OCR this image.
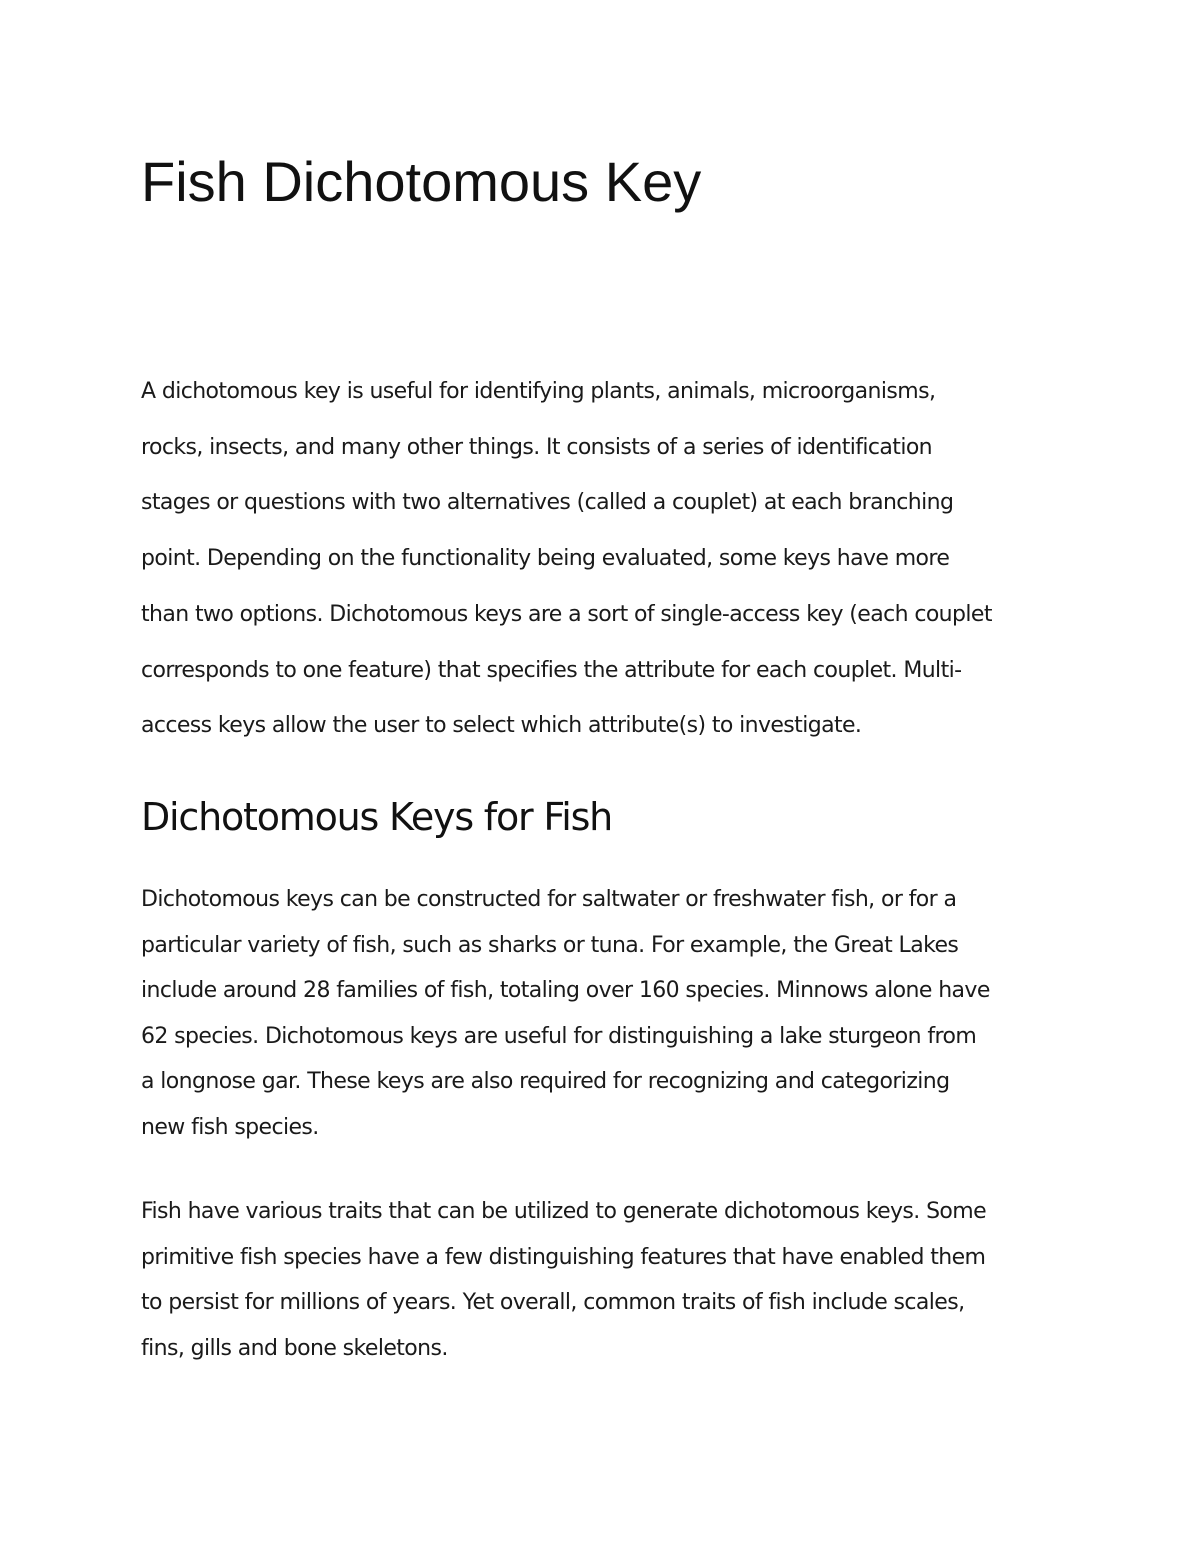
Fish Dichotomous Key

A dichotomous key is useful for identifying plants, animals, microorganisms,
rocks, insects, and many other things. It consists of a series of identification
stages or questions with two alternatives (called a couplet) at each branching
point. Depending on the functionality being evaluated, some keys have more
than two options. Dichotomous keys are a sort of single-access key (each couplet
corresponds to one feature) that specifies the attribute for each couplet. Multi-
access keys allow the user to select which attribute(s) to investigate.

Dichotomous Keys for Fish

Dichotomous keys can be constructed for saltwater or freshwater fish, or for a
particular variety of fish, such as sharks or tuna. For example, the Great Lakes
include around 28 families of fish, totaling over 160 species. Minnows alone have
62 species. Dichotomous keys are useful for distinguishing a lake sturgeon from
a longnose gar. These keys are also required for recognizing and categorizing
new fish species.

Fish have various traits that can be utilized to generate dichotomous keys. Some
primitive fish species have a few distinguishing features that have enabled them
to persist for millions of years. Yet overall, common traits of fish include scales,
fins, gills and bone skeletons.
